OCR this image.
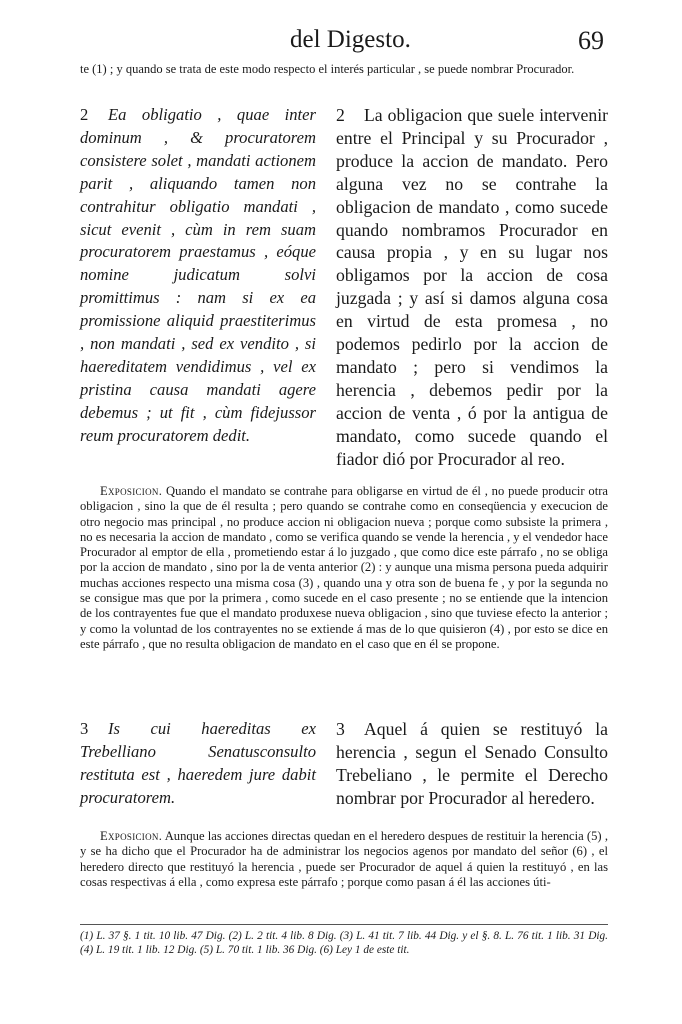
del Digesto.	69
te (1) ; y quando se trata de este modo respecto el interés particular , se puede nombrar Procurador.
2 Ea obligatio , quae inter dominum , & procuratorem consistere solet , mandati actionem parit , aliquando tamen non contrahitur obligatio mandati , sicut evenit , cùm in rem suam procuratorem praestamus , eóque nomine judicatum solvi promittimus : nam si ex ea promissione aliquid praestiterimus , non mandati , sed ex vendito , si haereditatem vendidimus , vel ex pristina causa mandati agere debemus ; ut fit , cùm fidejussor reum procuratorem dedit.
2 La obligacion que suele intervenir entre el Principal y su Procurador , produce la accion de mandato. Pero alguna vez no se contrahe la obligacion de mandato , como sucede quando nombramos Procurador en causa propia , y en su lugar nos obligamos por la accion de cosa juzgada ; y así si damos alguna cosa en virtud de esta promesa , no podemos pedirlo por la accion de mandato ; pero si vendimos la herencia , debemos pedir por la accion de venta , ó por la antigua de mandato, como sucede quando el fiador dió por Procurador al reo.
Exposicion. Quando el mandato se contrahe para obligarse en virtud de él , no puede producir otra obligacion , sino la que de él resulta ; pero quando se contrahe como en conseqüencia y execucion de otro negocio mas principal , no produce accion ni obligacion nueva ; porque como subsiste la primera , no es necesaria la accion de mandato , como se verifica quando se vende la herencia , y el vendedor hace Procurador al emptor de ella , prometiendo estar á lo juzgado , que como dice este párrafo , no se obliga por la accion de mandato , sino por la de venta anterior (2) : y aunque una misma persona pueda adquirir muchas acciones respecto una misma cosa (3) , quando una y otra son de buena fe , y por la segunda no se consigue mas que por la primera , como sucede en el caso presente ; no se entiende que la intencion de los contrayentes fue que el mandato produxese nueva obligacion , sino que tuviese efecto la anterior ; y como la voluntad de los contrayentes no se extiende á mas de lo que quisieron (4) , por esto se dice en este párrafo , que no resulta obligacion de mandato en el caso que en él se propone.
3 Is cui haereditas ex Trebelliano Senatusconsulto restituta est , haeredem jure dabit procuratorem.
3 Aquel á quien se restituyó la herencia , segun el Senado Consulto Trebeliano , le permite el Derecho nombrar por Procurador al heredero.
Exposicion. Aunque las acciones directas quedan en el heredero despues de restituir la herencia (5) , y se ha dicho que el Procurador ha de administrar los negocios agenos por mandato del señor (6) , el heredero directo que restituyó la herencia , puede ser Procurador de aquel á quien la restituyó , en las cosas respectivas á ella , como expresa este párrafo ; porque como pasan á él las acciones úti-
(1) L. 37 §. 1 tit. 10 lib. 47 Dig. (2) L. 2 tit. 4 lib. 8 Dig. (3) L. 41 tit. 7 lib. 44 Dig. y el §. 8. L. 76 tit. 1 lib. 31 Dig. (4) L. 19 tit. 1 lib. 12 Dig. (5) L. 70 tit. 1 lib. 36 Dig. (6) Ley 1 de este tit.
